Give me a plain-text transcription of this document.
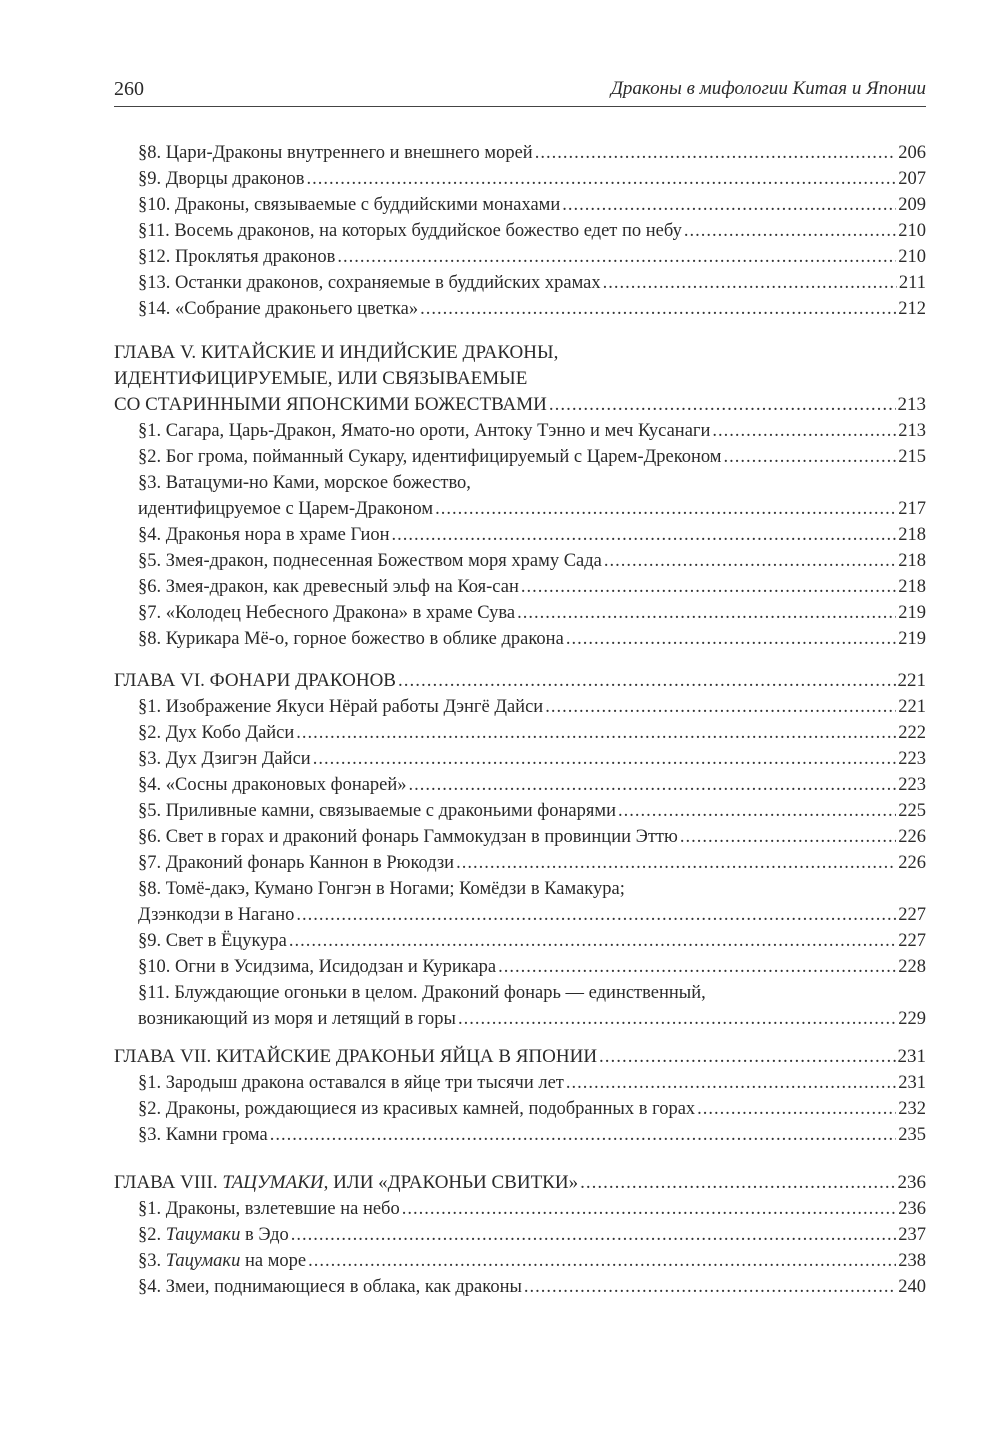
260	Драконы в мифологии Китая и Японии
§8. Цари-Драконы внутреннего и внешнего морей .....	206
§9. Дворцы драконов .....	207
§10. Драконы, связываемые с буддийскими монахами .....	209
§11. Восемь драконов, на которых буддийское божество едет по небу .....	210
§12. Проклятья драконов .....	210
§13. Останки драконов, сохраняемые в буддийских храмах .....	211
§14. «Собрание драконьего цветка» .....	212
ГЛАВА V. КИТАЙСКИЕ И ИНДИЙСКИЕ ДРАКОНЫ,
ИДЕНТИФИЦИРУЕМЫЕ, ИЛИ СВЯЗЫВАЕМЫЕ
СО СТАРИННЫМИ ЯПОНСКИМИ БОЖЕСТВАМИ .....	213
§1. Сагара, Царь-Дракон, Ямато-но ороти, Антоку Тэнно и меч Кусанаги .....	213
§2. Бог грома, пойманный Сукару, идентифицируемый с Царем-Дреконом .....	215
§3. Ватацуми-но Ками, морское божество,
идентифицруемое с Царем-Драконом .....	217
§4. Драконья нора в храме Гион .....	218
§5. Змея-дракон, поднесенная Божеством моря храму Сада .....	218
§6. Змея-дракон, как древесный эльф на Коя-сан .....	218
§7. «Колодец Небесного Дракона» в храме Сува .....	219
§8. Курикара Мё-о, горное божество в облике дракона .....	219
ГЛАВА VI. ФОНАРИ ДРАКОНОВ .....	221
§1. Изображение Якуси Нёрай работы Дэнгё Дайси .....	221
§2. Дух Кобо Дайси .....	222
§3. Дух Дзигэн Дайси .....	223
§4. «Сосны драконовых фонарей» .....	223
§5. Приливные камни, связываемые с драконьими фонарями .....	225
§6. Свет в горах и драконий фонарь Гаммокудзан в провинции Эттю .....	226
§7. Драконий фонарь Каннон в Рюкодзи .....	226
§8. Томё-дакэ, Кумано Гонгэн в Ногами; Комёдзи в Камакура;
Дзэнкодзи в Нагано .....	227
§9. Свет в Ёцукура .....	227
§10. Огни в Усидзима, Исидодзан и Курикара .....	228
§11. Блуждающие огоньки в целом. Драконий фонарь — единственный,
возникающий из моря и летящий в горы .....	229
ГЛАВА VII. КИТАЙСКИЕ ДРАКОНЬИ ЯЙЦА В ЯПОНИИ .....	231
§1. Зародыш дракона оставался в яйце три тысячи лет .....	231
§2. Драконы, рождающиеся из красивых камней, подобранных в горах .....	232
§3. Камни грома .....	235
ГЛАВА VIII. ТАЦУМАКИ, ИЛИ «ДРАКОНЬИ СВИТКИ» .....	236
§1. Драконы, взлетевшие на небо .....	236
§2. Тацумаки в Эдо .....	237
§3. Тацумаки на море .....	238
§4. Змеи, поднимающиеся в облака, как драконы .....	240
